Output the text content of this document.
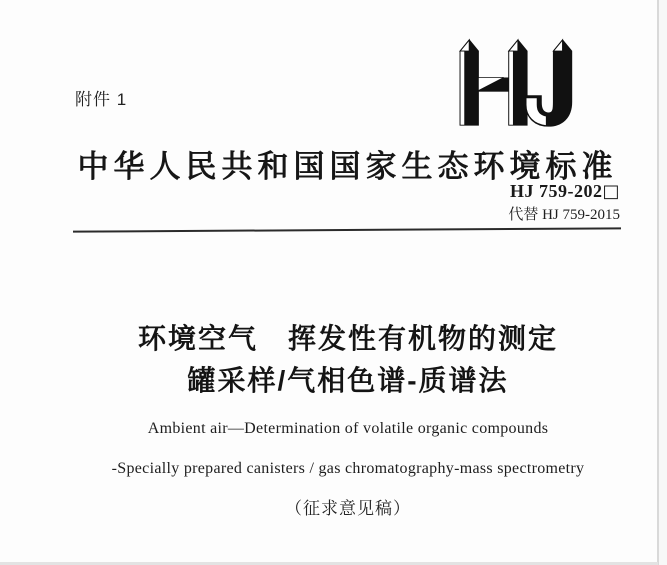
附件 1
中华人民共和国国家生态环境标准
HJ 759-202□
代替 HJ 759-2015
环境空气 挥发性有机物的测定
罐采样/气相色谱-质谱法
Ambient air—Determination of volatile organic compounds
-Specially prepared canisters / gas chromatography-mass spectrometry
（征求意见稿）
